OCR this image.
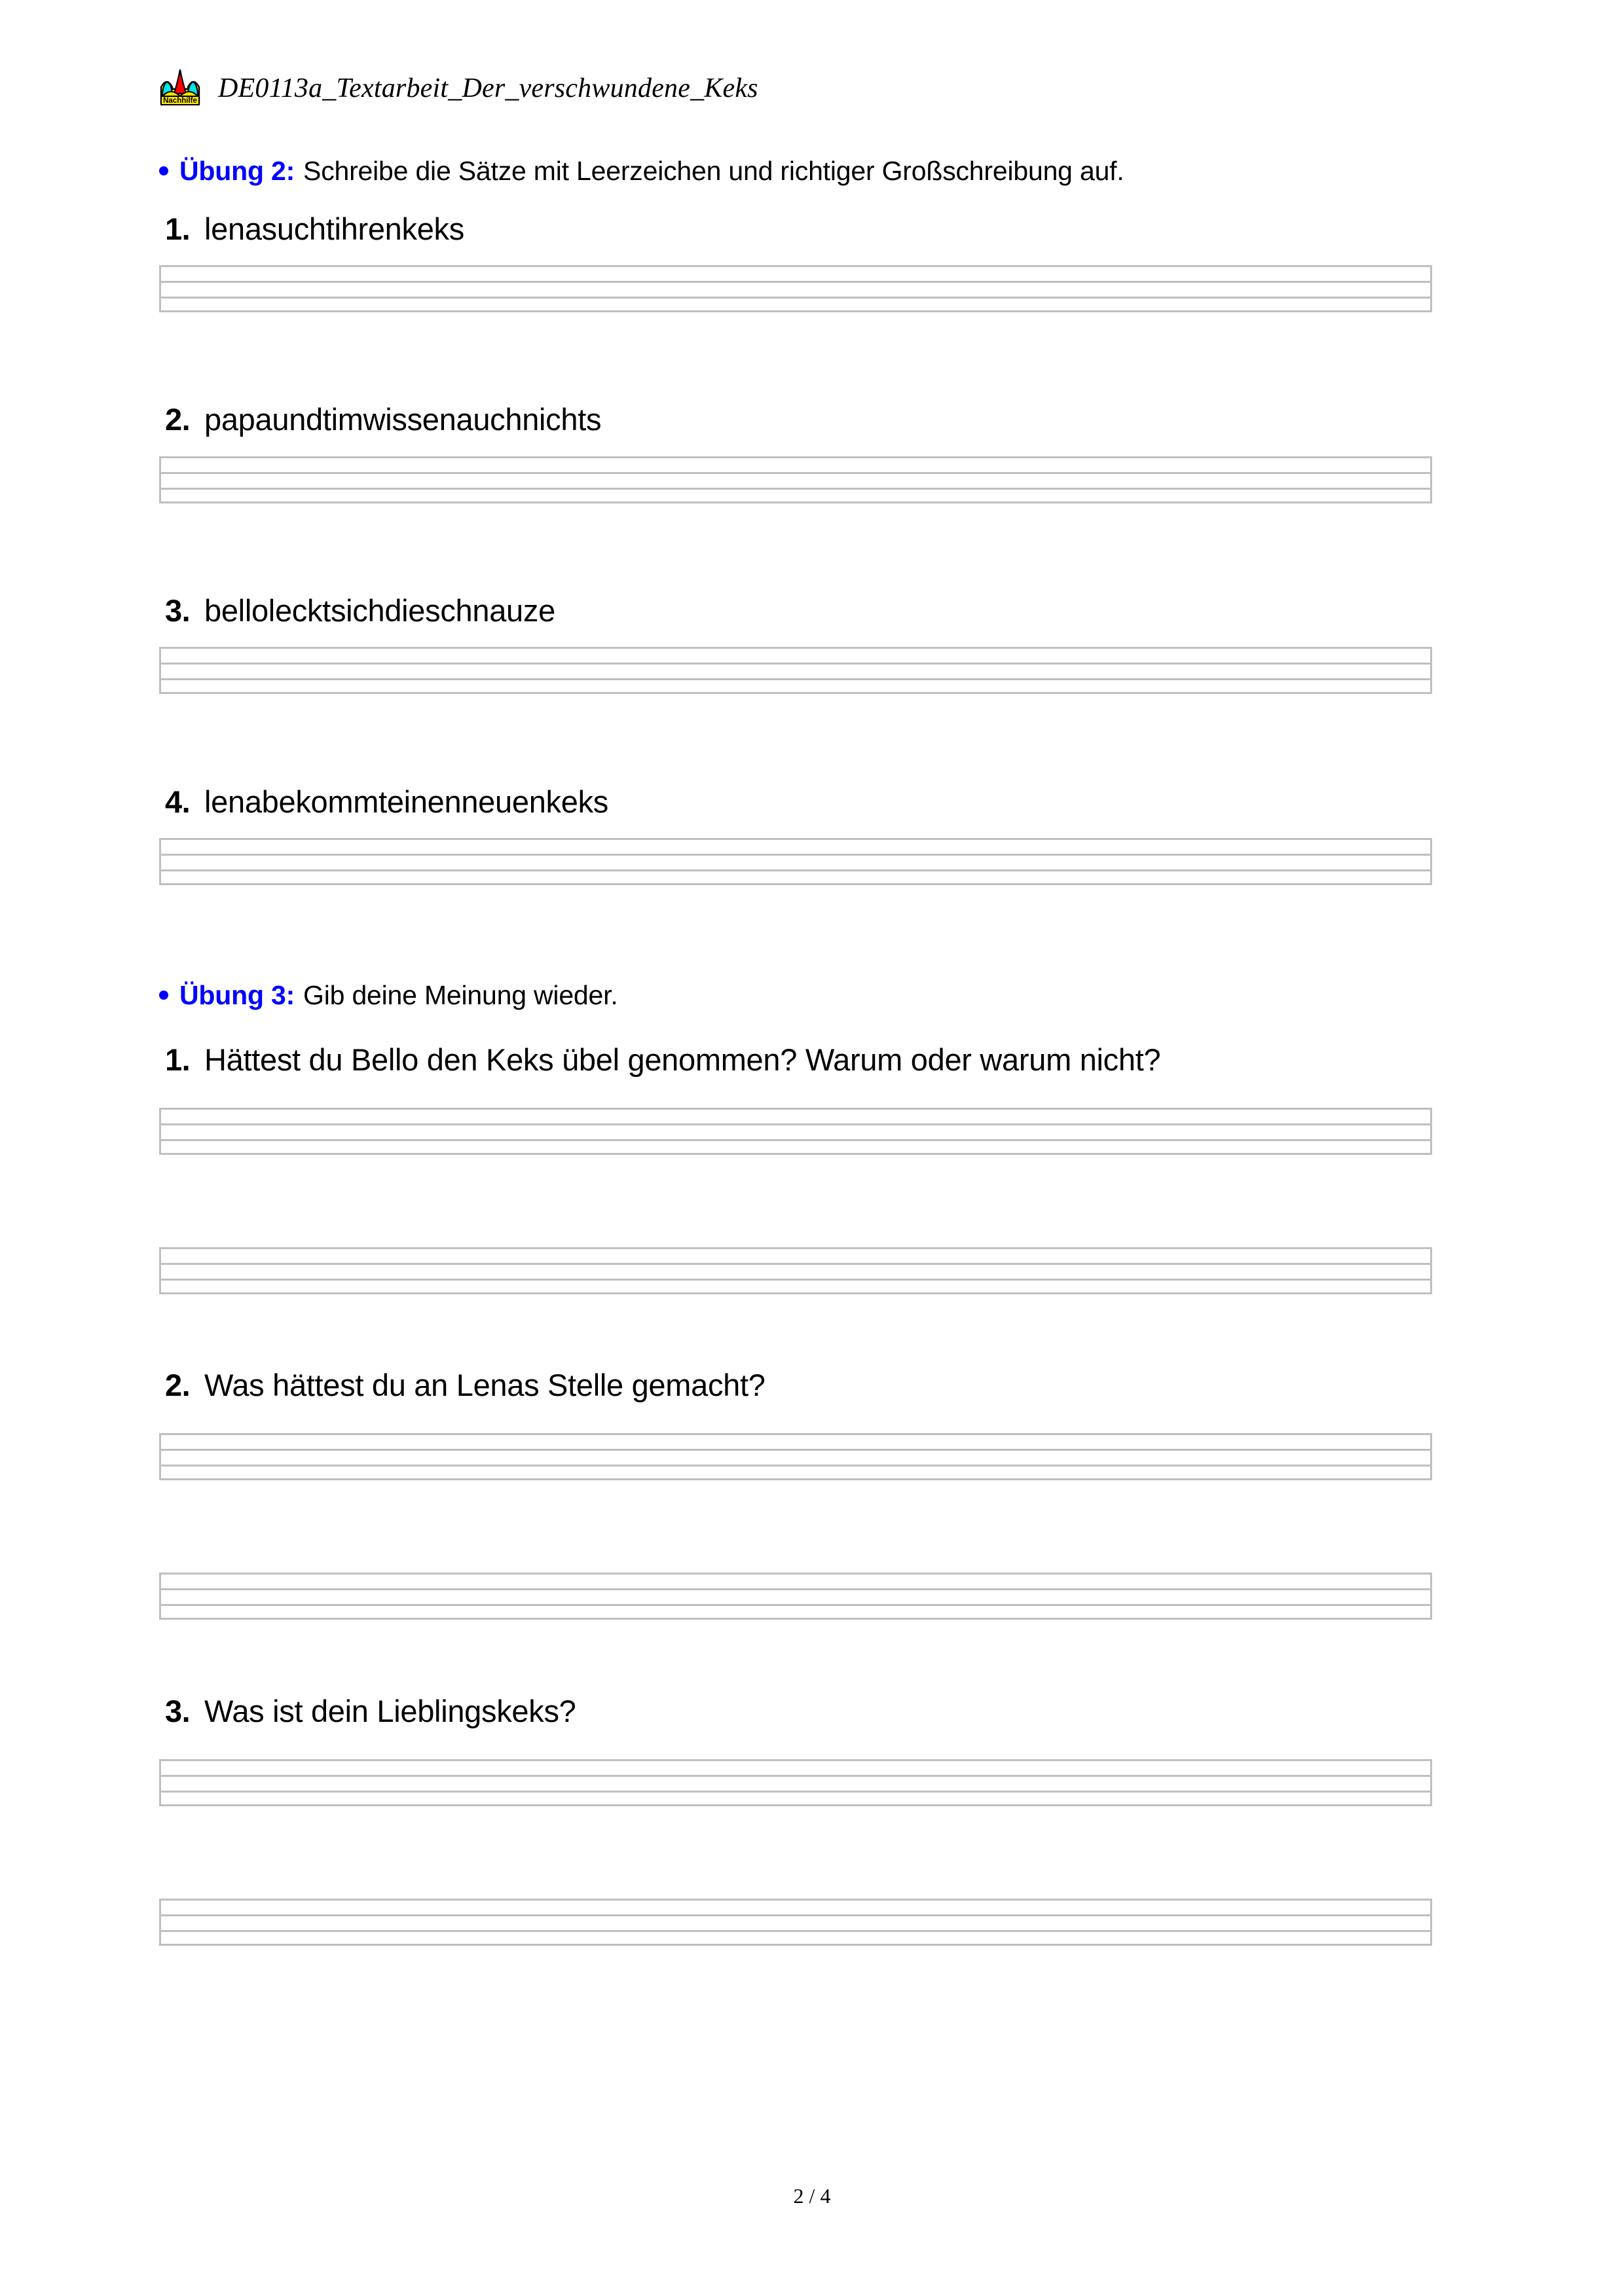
Nachhilfe DE0113a_Textarbeit_Der_verschwundene_Keks
Übung 2: Schreibe die Sätze mit Leerzeichen und richtiger Großschreibung auf.
1. lenasuchtihrenkeks
2. papaundtimwissenauchnichts
3. bellolecktsichdieschnauze
4. lenabekommteinenneuenkeks
Übung 3: Gib deine Meinung wieder.
1. Hättest du Bello den Keks übel genommen? Warum oder warum nicht?
2. Was hättest du an Lenas Stelle gemacht?
3. Was ist dein Lieblingskeks?
2 / 4
